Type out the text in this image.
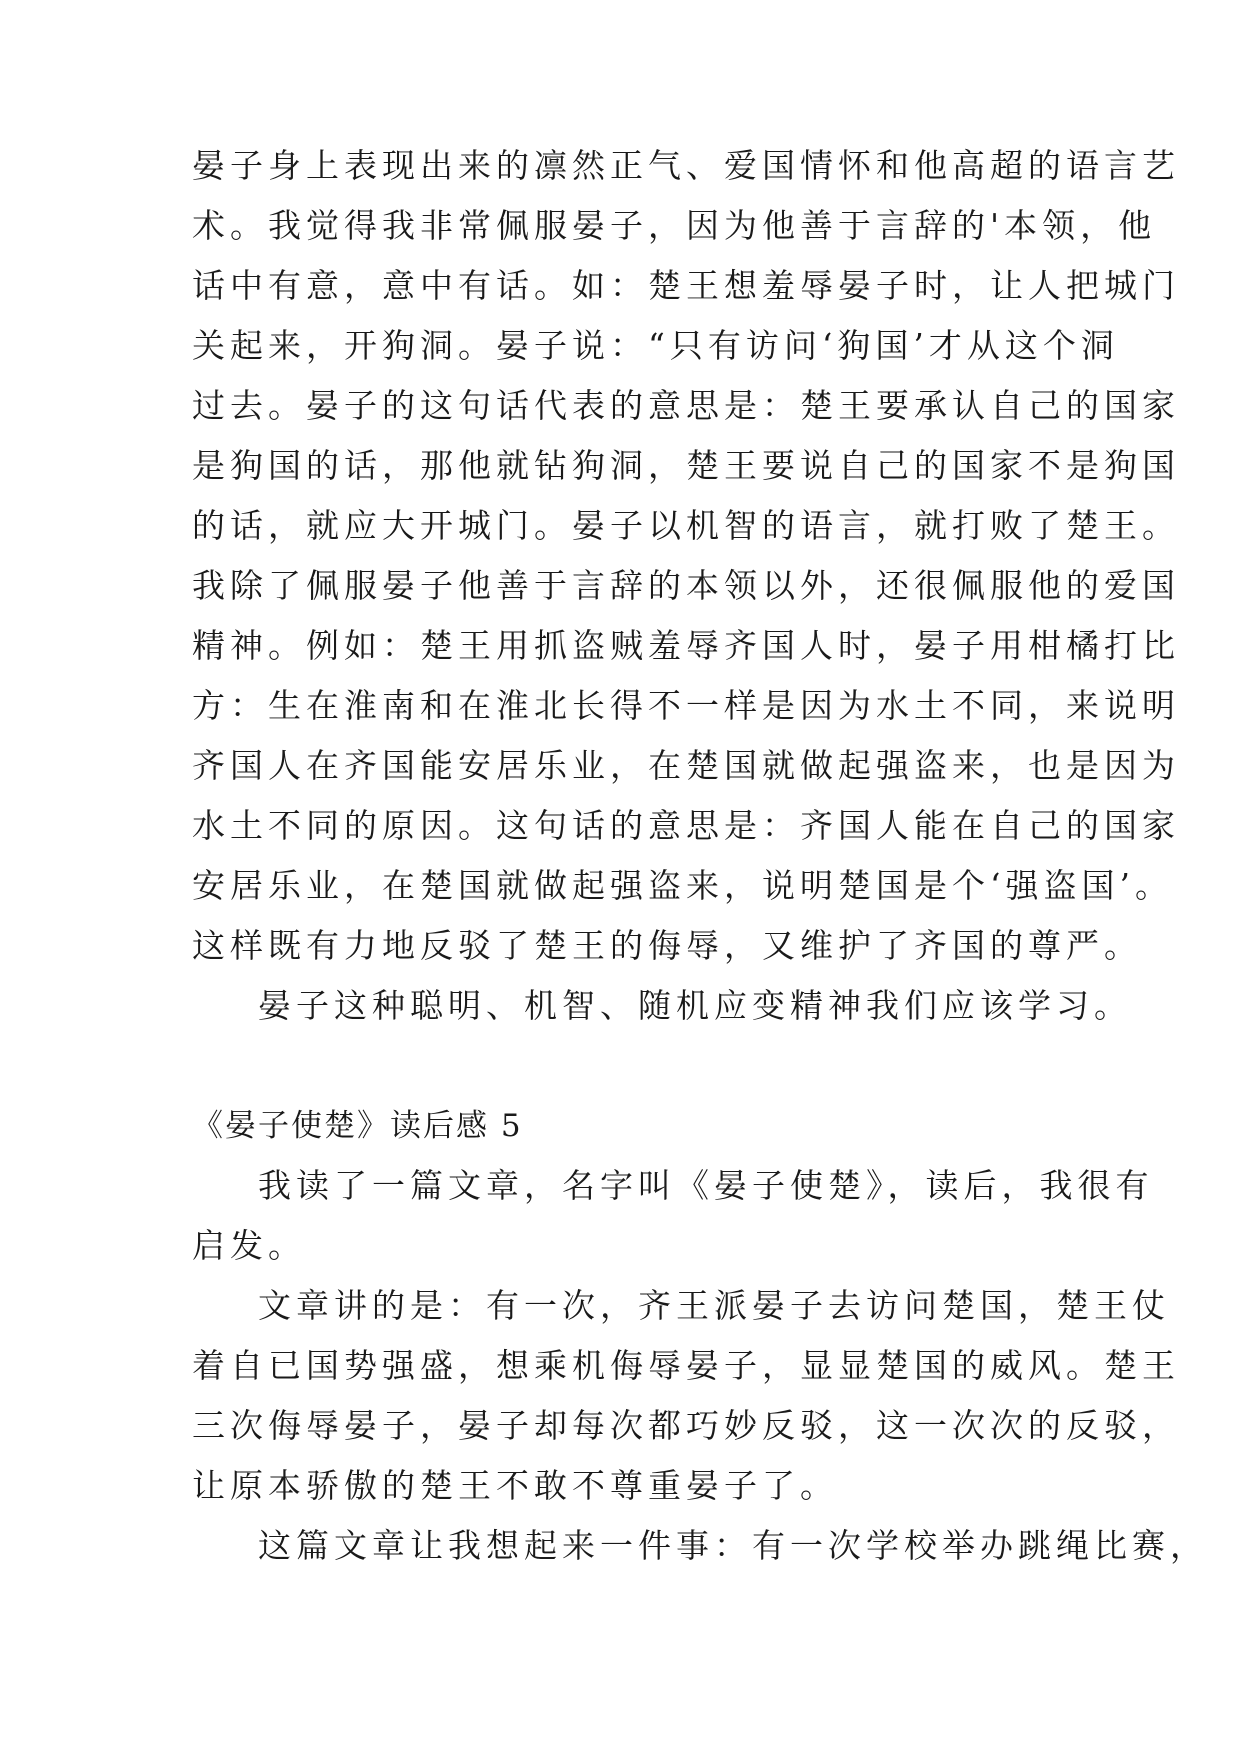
晏子身上表现出来的凛然正气、爱国情怀和他高超的语言艺
术。我觉得我非常佩服晏子，因为他善于言辞的'本领，他
话中有意，意中有话。如：楚王想羞辱晏子时，让人把城门
关起来，开狗洞。晏子说：“只有访问‘狗国’才从这个洞
过去。晏子的这句话代表的意思是：楚王要承认自己的国家
是狗国的话，那他就钻狗洞，楚王要说自己的国家不是狗国
的话，就应大开城门。晏子以机智的语言，就打败了楚王。
我除了佩服晏子他善于言辞的本领以外，还很佩服他的爱国
精神。例如：楚王用抓盗贼羞辱齐国人时，晏子用柑橘打比
方：生在淮南和在淮北长得不一样是因为水土不同，来说明
齐国人在齐国能安居乐业，在楚国就做起强盗来，也是因为
水土不同的原因。这句话的意思是：齐国人能在自己的国家
安居乐业，在楚国就做起强盗来，说明楚国是个‘强盗国’。
这样既有力地反驳了楚王的侮辱，又维护了齐国的尊严。
晏子这种聪明、机智、随机应变精神我们应该学习。
《晏子使楚》读后感 5
我读了一篇文章，名字叫《晏子使楚》，读后，我很有
启发。
文章讲的是：有一次，齐王派晏子去访问楚国，楚王仗
着自已国势强盛，想乘机侮辱晏子，显显楚国的威风。楚王
三次侮辱晏子，晏子却每次都巧妙反驳，这一次次的反驳，
让原本骄傲的楚王不敢不尊重晏子了。
这篇文章让我想起来一件事：有一次学校举办跳绳比赛，
